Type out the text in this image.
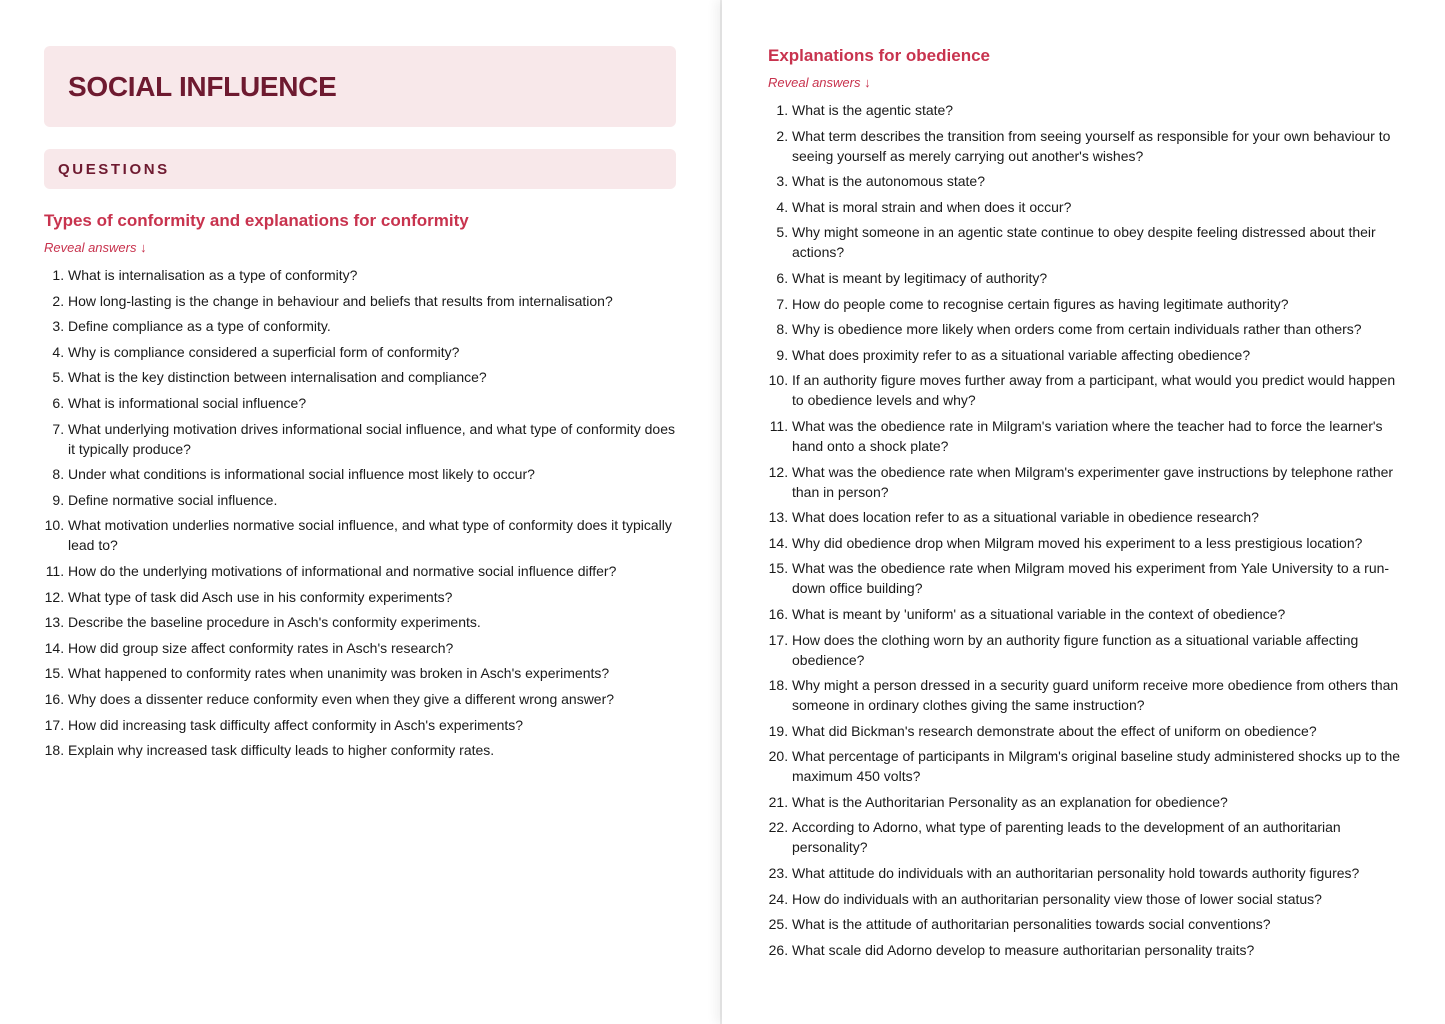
SOCIAL INFLUENCE
QUESTIONS
Types of conformity and explanations for conformity
Reveal answers ↓
1. What is internalisation as a type of conformity?
2. How long-lasting is the change in behaviour and beliefs that results from internalisation?
3. Define compliance as a type of conformity.
4. Why is compliance considered a superficial form of conformity?
5. What is the key distinction between internalisation and compliance?
6. What is informational social influence?
7. What underlying motivation drives informational social influence, and what type of conformity does it typically produce?
8. Under what conditions is informational social influence most likely to occur?
9. Define normative social influence.
10. What motivation underlies normative social influence, and what type of conformity does it typically lead to?
11. How do the underlying motivations of informational and normative social influence differ?
12. What type of task did Asch use in his conformity experiments?
13. Describe the baseline procedure in Asch's conformity experiments.
14. How did group size affect conformity rates in Asch's research?
15. What happened to conformity rates when unanimity was broken in Asch's experiments?
16. Why does a dissenter reduce conformity even when they give a different wrong answer?
17. How did increasing task difficulty affect conformity in Asch's experiments?
18. Explain why increased task difficulty leads to higher conformity rates.
Explanations for obedience
Reveal answers ↓
1. What is the agentic state?
2. What term describes the transition from seeing yourself as responsible for your own behaviour to seeing yourself as merely carrying out another's wishes?
3. What is the autonomous state?
4. What is moral strain and when does it occur?
5. Why might someone in an agentic state continue to obey despite feeling distressed about their actions?
6. What is meant by legitimacy of authority?
7. How do people come to recognise certain figures as having legitimate authority?
8. Why is obedience more likely when orders come from certain individuals rather than others?
9. What does proximity refer to as a situational variable affecting obedience?
10. If an authority figure moves further away from a participant, what would you predict would happen to obedience levels and why?
11. What was the obedience rate in Milgram's variation where the teacher had to force the learner's hand onto a shock plate?
12. What was the obedience rate when Milgram's experimenter gave instructions by telephone rather than in person?
13. What does location refer to as a situational variable in obedience research?
14. Why did obedience drop when Milgram moved his experiment to a less prestigious location?
15. What was the obedience rate when Milgram moved his experiment from Yale University to a run-down office building?
16. What is meant by 'uniform' as a situational variable in the context of obedience?
17. How does the clothing worn by an authority figure function as a situational variable affecting obedience?
18. Why might a person dressed in a security guard uniform receive more obedience from others than someone in ordinary clothes giving the same instruction?
19. What did Bickman's research demonstrate about the effect of uniform on obedience?
20. What percentage of participants in Milgram's original baseline study administered shocks up to the maximum 450 volts?
21. What is the Authoritarian Personality as an explanation for obedience?
22. According to Adorno, what type of parenting leads to the development of an authoritarian personality?
23. What attitude do individuals with an authoritarian personality hold towards authority figures?
24. How do individuals with an authoritarian personality view those of lower social status?
25. What is the attitude of authoritarian personalities towards social conventions?
26. What scale did Adorno develop to measure authoritarian personality traits?
